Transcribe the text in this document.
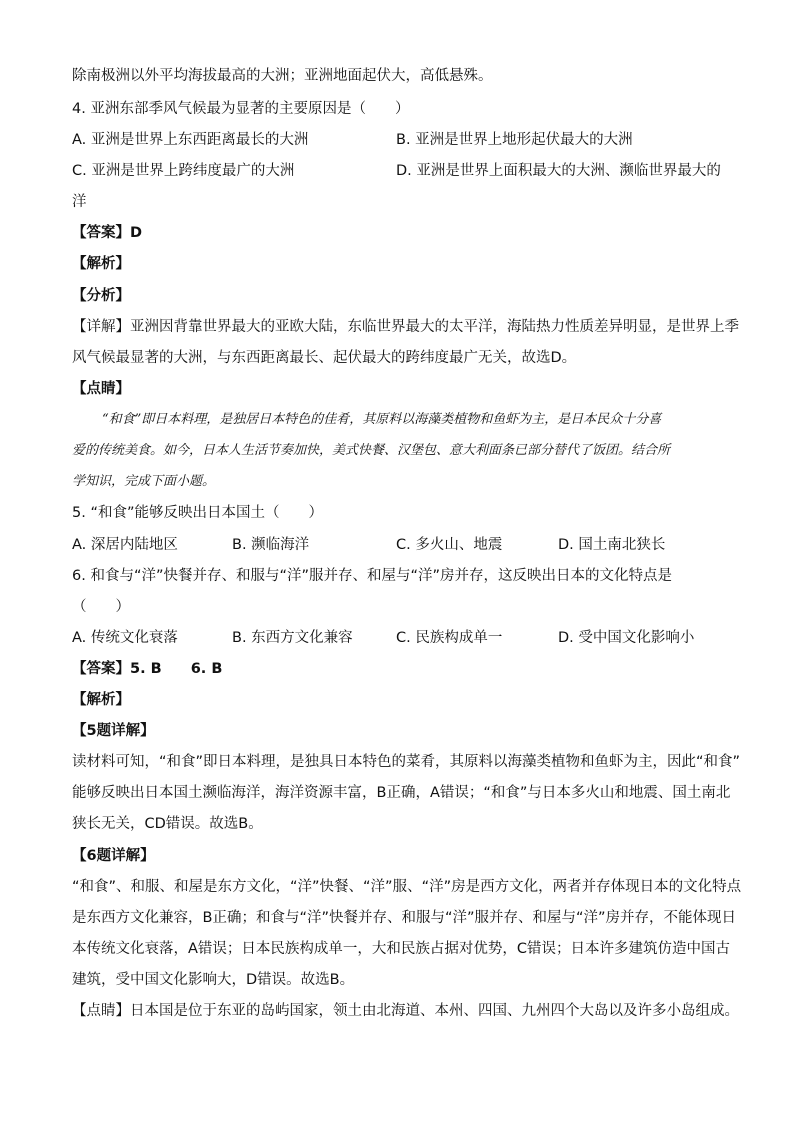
除南极洲以外平均海拔最高的大洲；亚洲地面起伏大，高低悬殊。
4. 亚洲东部季风气候最为显著的主要原因是（　　）
A. 亚洲是世界上东西距离最长的大洲	B. 亚洲是世界上地形起伏最大的大洲
C. 亚洲是世界上跨纬度最广的大洲	D. 亚洲是世界上面积最大的大洲、濒临世界最大的
洋
【答案】D
【解析】
【分析】
【详解】亚洲因背靠世界最大的亚欧大陆，东临世界最大的太平洋，海陆热力性质差异明显，是世界上季
风气候最显著的大洲，与东西距离最长、起伏最大的跨纬度最广无关，故选D。
【点睛】
“和食”即日本料理，是独居日本特色的佳肴，其原料以海藻类植物和鱼虾为主，是日本民众十分喜
爱的传统美食。如今，日本人生活节奏加快，美式快餐、汉堡包、意大利面条已部分替代了饭团。结合所
学知识，完成下面小题。
5. “和食”能够反映出日本国土（　　）
A. 深居内陆地区	B. 濒临海洋	C. 多火山、地震	D. 国土南北狭长
6. 和食与“洋”快餐并存、和服与“洋”服并存、和屋与“洋”房并存，这反映出日本的文化特点是
（　　）
A. 传统文化衰落	B. 东西方文化兼容	C. 民族构成单一	D. 受中国文化影响小
【答案】5. B　　6. B
【解析】
【5题详解】
读材料可知，“和食”即日本料理，是独具日本特色的菜肴，其原料以海藻类植物和鱼虾为主，因此“和食”
能够反映出日本国土濒临海洋，海洋资源丰富，B正确，A错误；“和食”与日本多火山和地震、国土南北
狭长无关，CD错误。故选B。
【6题详解】
“和食”、和服、和屋是东方文化，“洋”快餐、“洋”服、“洋”房是西方文化，两者并存体现日本的文化特点
是东西方文化兼容，B正确；和食与“洋”快餐并存、和服与“洋”服并存、和屋与“洋”房并存，不能体现日
本传统文化衰落，A错误；日本民族构成单一，大和民族占据对优势，C错误；日本许多建筑仿造中国古
建筑，受中国文化影响大，D错误。故选B。
【点睛】日本国是位于东亚的岛屿国家，领土由北海道、本州、四国、九州四个大岛以及许多小岛组成。
